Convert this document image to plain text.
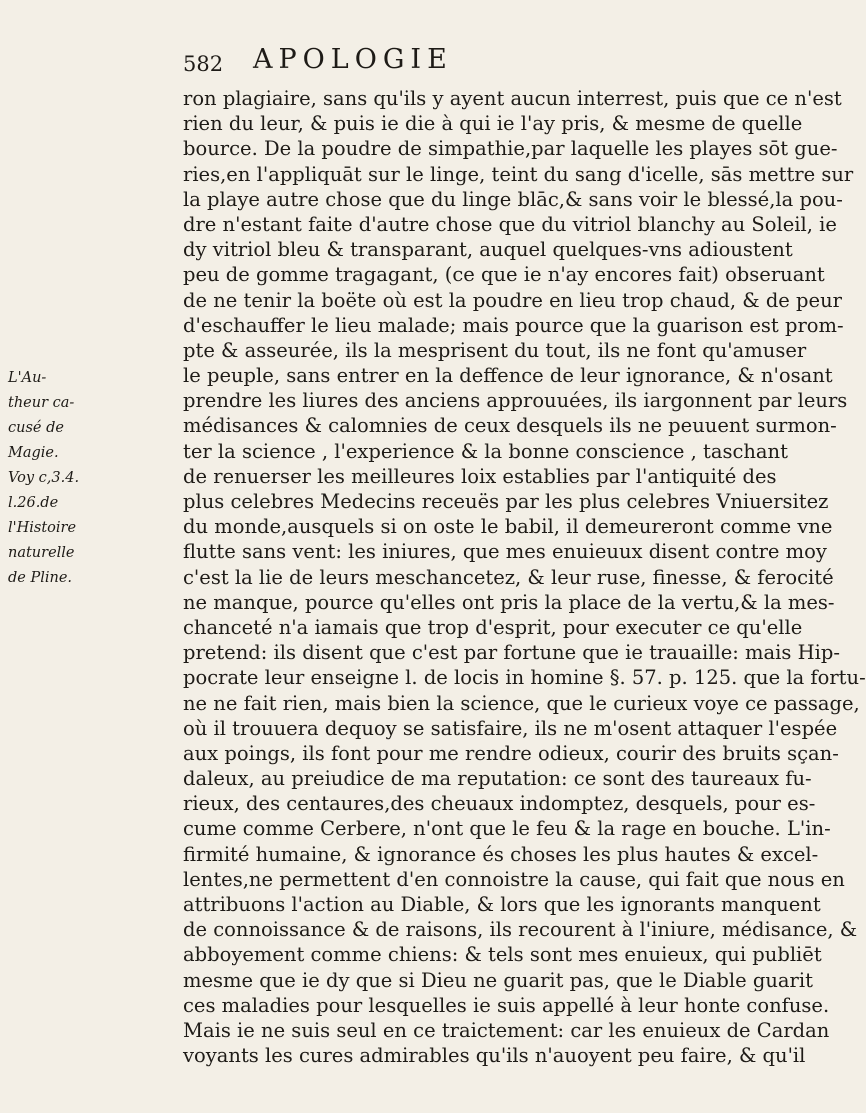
582 APOLOGIE
L'Au-
theur ca-
cusé de
Magie.
Voy c,3.4.
l.26.de
l'Histoire
naturelle
de Pline.
ron plagiaire, sans qu'ils y ayent aucun interrest, puis que ce n'est
rien du leur, & puis ie die à qui ie l'ay pris, & mesme de quelle
bource. De la poudre de simpathie,par laquelle les playes sōt gue-
ries,en l'appliquāt sur le linge, teint du sang d'icelle, sās mettre sur
la playe autre chose que du linge blāc,& sans voir le blessé,la pou-
dre n'estant faite d'autre chose que du vitriol blanchy au Soleil, ie
dy vitriol bleu & transparant, auquel quelques-vns adioustent
peu de gomme tragagant, (ce que ie n'ay encores fait) obseruant
de ne tenir la boëte où est la poudre en lieu trop chaud, & de peur
d'eschauffer le lieu malade; mais pource que la guarison est prom-
pte & asseurée, ils la mesprisent du tout, ils ne font qu'amuser
le peuple, sans entrer en la deffence de leur ignorance, & n'osant
prendre les liures des anciens approuuées, ils iargonnent par leurs
médisances & calomnies de ceux desquels ils ne peuuent surmon-
ter la science , l'experience & la bonne conscience , taschant
de renuerser les meilleures loix establies par l'antiquité des
plus celebres Medecins receuës par les plus celebres Vniuersitez
du monde,ausquels si on oste le babil, il demeureront comme vne
flutte sans vent: les iniures, que mes enuieuux disent contre moy
c'est la lie de leurs meschancetez, & leur ruse, finesse, & ferocité
ne manque, pource qu'elles ont pris la place de la vertu,& la mes-
chanceté n'a iamais que trop d'esprit, pour executer ce qu'elle
pretend: ils disent que c'est par fortune que ie trauaille: mais Hip-
pocrate leur enseigne l. de locis in homine §. 57. p. 125. que la fortu-
ne ne fait rien, mais bien la science, que le curieux voye ce passage,
où il trouuera dequoy se satisfaire, ils ne m'osent attaquer l'espée
aux poings, ils font pour me rendre odieux, courir des bruits sçan-
daleux, au preiudice de ma reputation: ce sont des taureaux fu-
rieux, des centaures,des cheuaux indomptez, desquels, pour es-
cume comme Cerbere, n'ont que le feu & la rage en bouche. L'in-
firmité humaine, & ignorance és choses les plus hautes & excel-
lentes,ne permettent d'en connoistre la cause, qui fait que nous en
attribuons l'action au Diable, & lors que les ignorants manquent
de connoissance & de raisons, ils recourent à l'iniure, médisance, &
abboyement comme chiens: & tels sont mes enuieux, qui publiēt
mesme que ie dy que si Dieu ne guarit pas, que le Diable guarit
ces maladies pour lesquelles ie suis appellé à leur honte confuse.
Mais ie ne suis seul en ce traictement: car les enuieux de Cardan
voyants les cures admirables qu'ils n'auoyent peu faire, & qu'il
